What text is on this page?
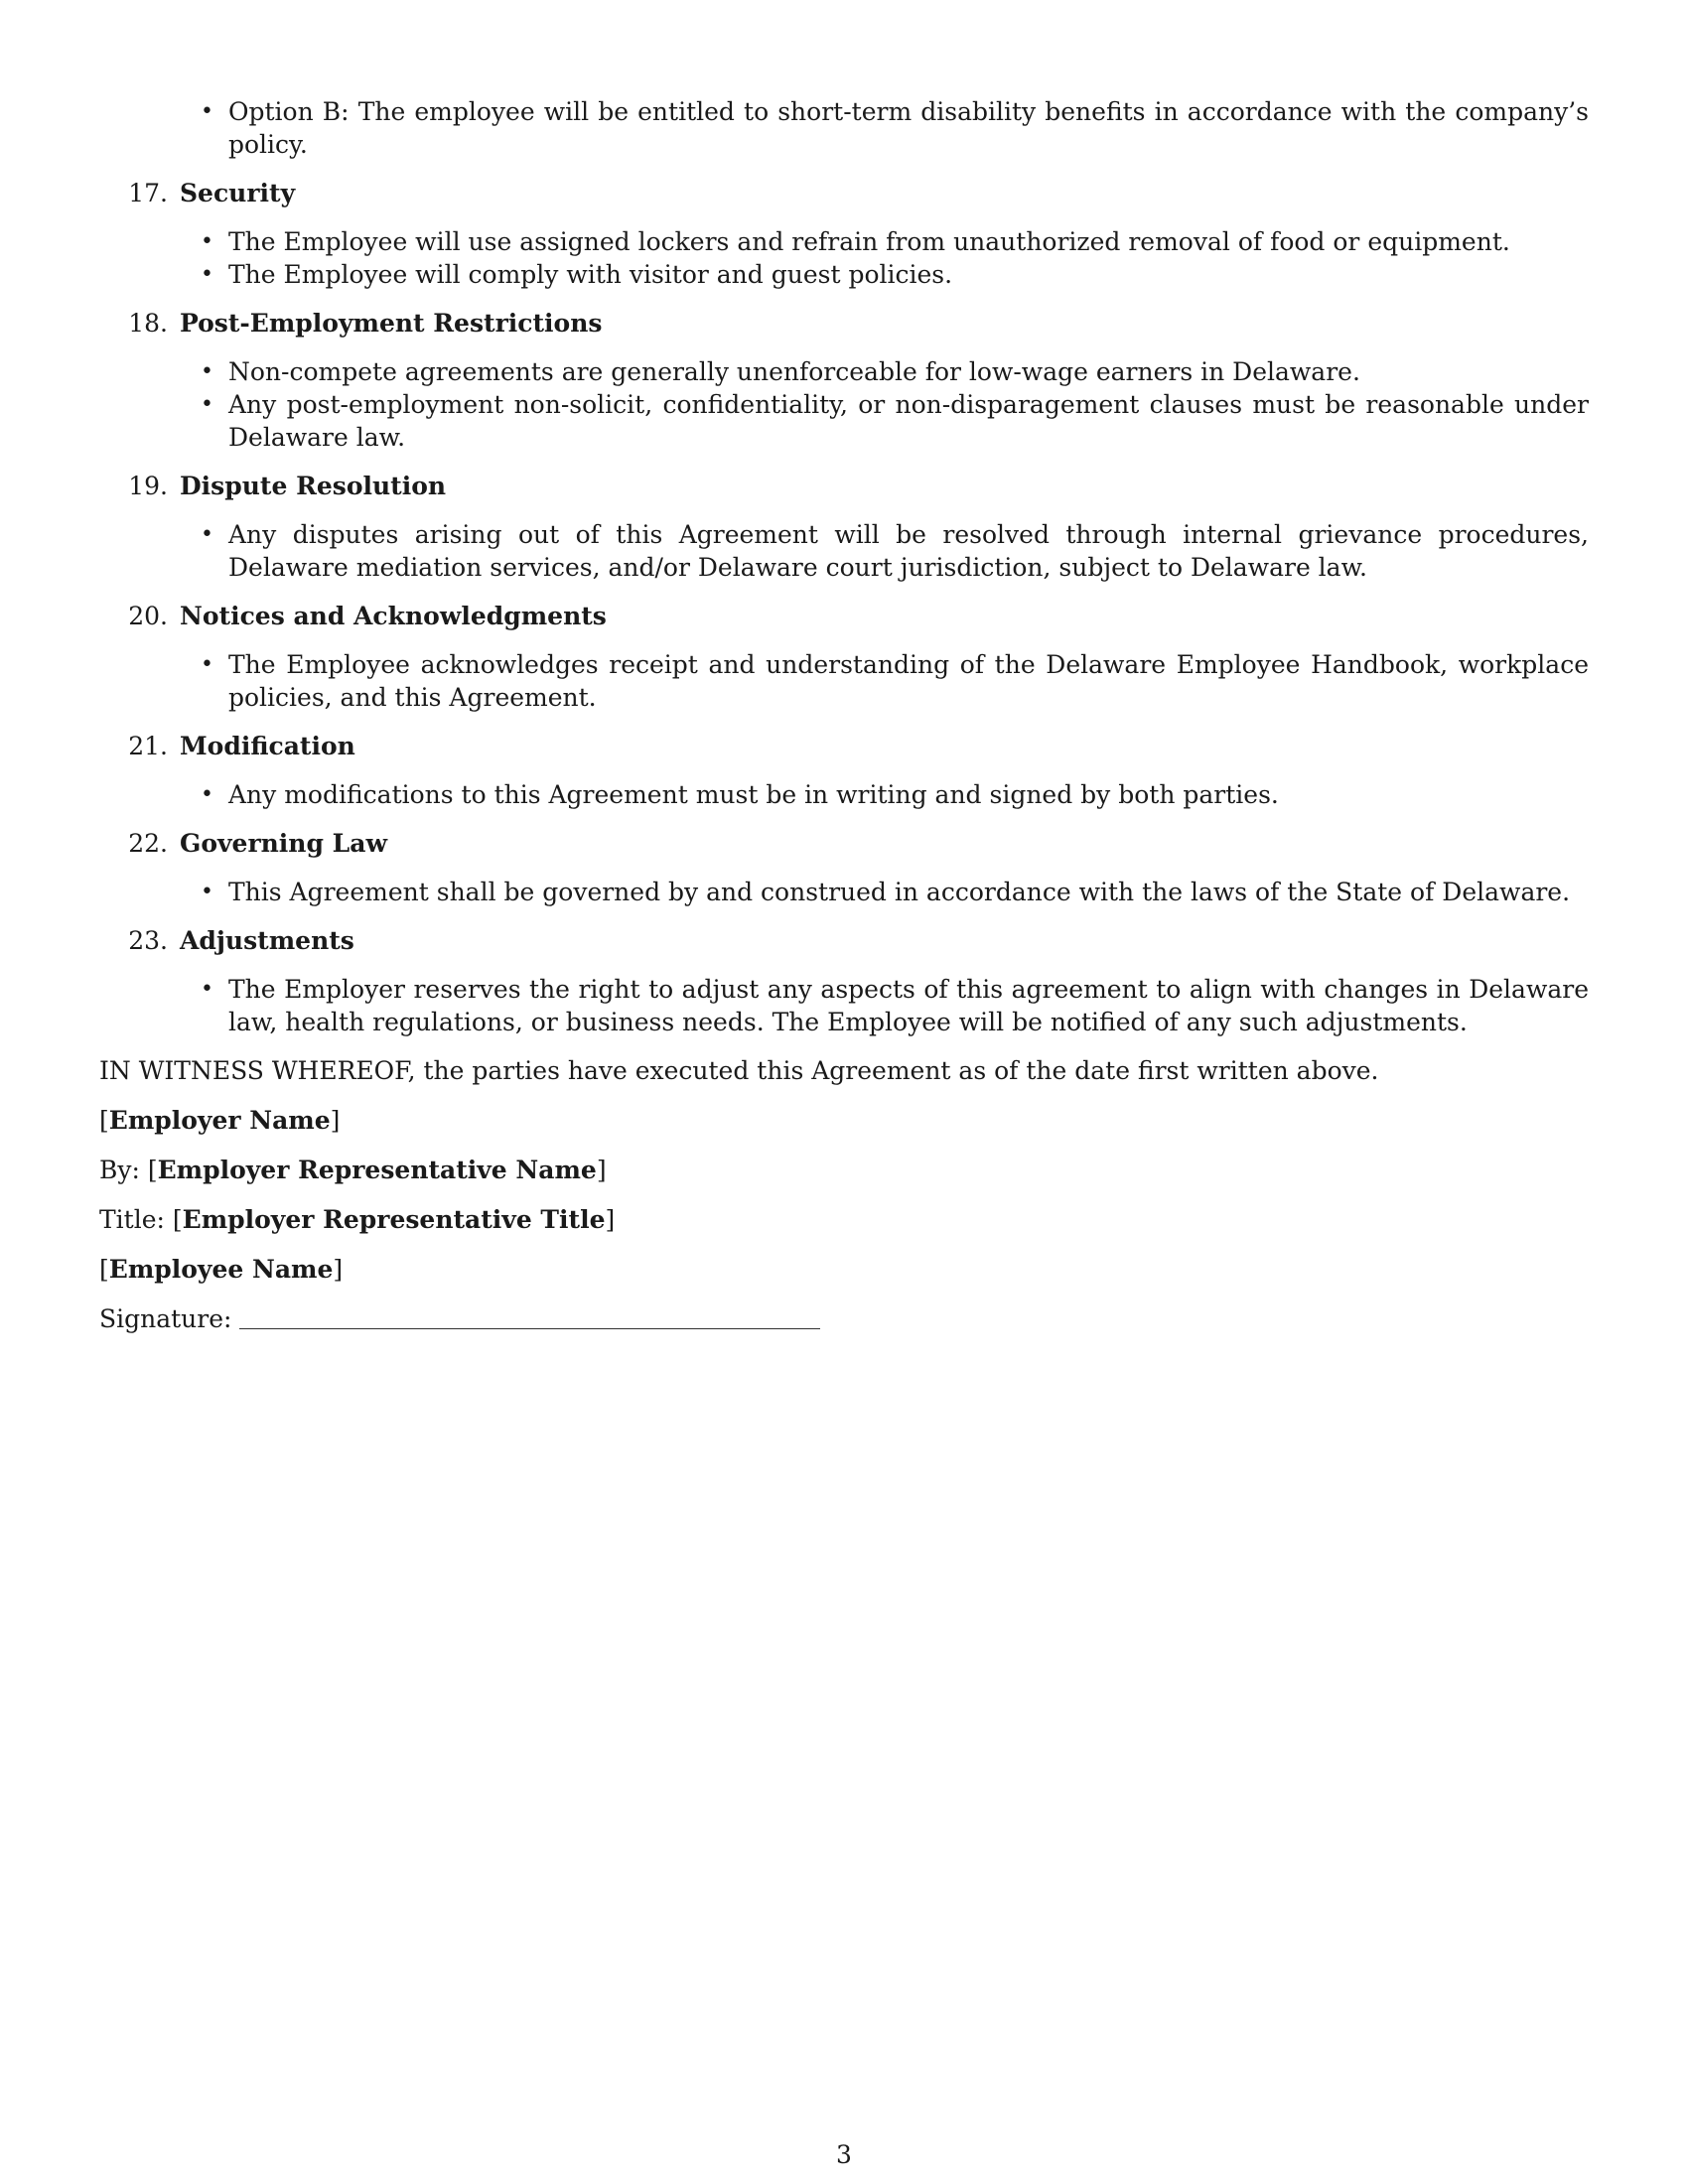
• Option B: The employee will be entitled to short-term disability benefits in accordance with the company’s policy.
17. Security
• The Employee will use assigned lockers and refrain from unauthorized removal of food or equipment.
• The Employee will comply with visitor and guest policies.
18. Post-Employment Restrictions
• Non-compete agreements are generally unenforceable for low-wage earners in Delaware.
• Any post-employment non-solicit, confidentiality, or non-disparagement clauses must be reasonable under Delaware law.
19. Dispute Resolution
• Any disputes arising out of this Agreement will be resolved through internal grievance procedures, Delaware mediation services, and/or Delaware court jurisdiction, subject to Delaware law.
20. Notices and Acknowledgments
• The Employee acknowledges receipt and understanding of the Delaware Employee Handbook, workplace policies, and this Agreement.
21. Modification
• Any modifications to this Agreement must be in writing and signed by both parties.
22. Governing Law
• This Agreement shall be governed by and construed in accordance with the laws of the State of Delaware.
23. Adjustments
• The Employer reserves the right to adjust any aspects of this agreement to align with changes in Delaware law, health regulations, or business needs. The Employee will be notified of any such adjustments.

IN WITNESS WHEREOF, the parties have executed this Agreement as of the date first written above.

[Employer Name]

By: [Employer Representative Name]

Title: [Employer Representative Title]

[Employee Name]

Signature:

3
